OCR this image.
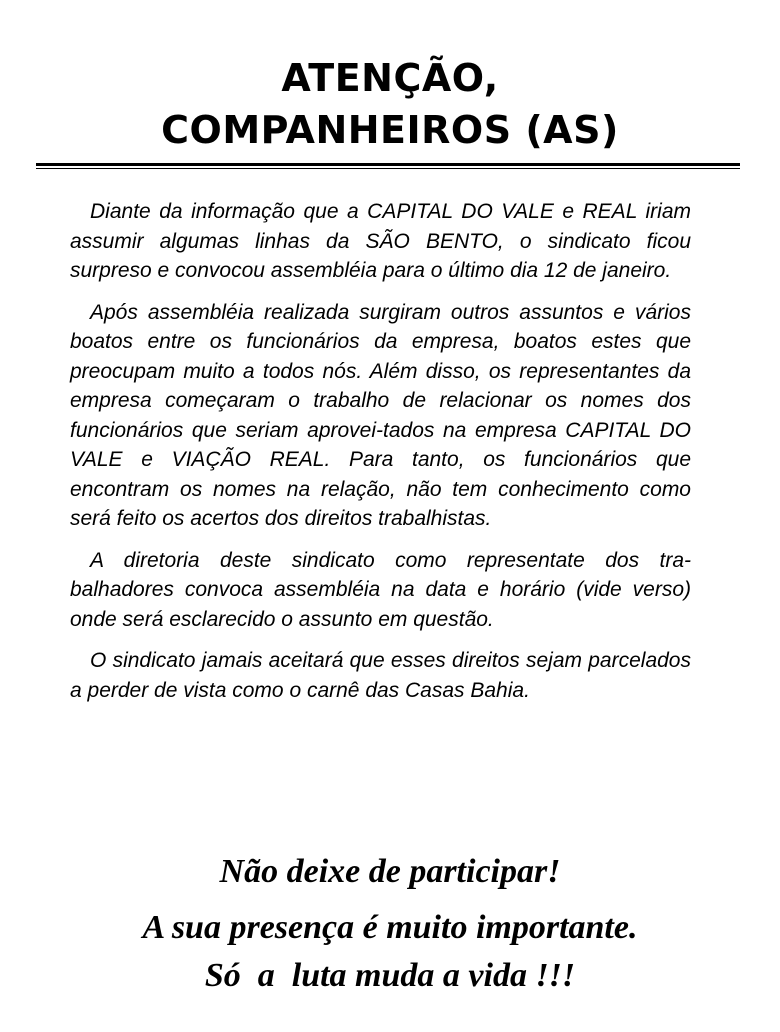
ATENÇÃO,
COMPANHEIROS (AS)

Diante da informação que a CAPITAL DO VALE e REAL iriam assumir algumas linhas da SÃO BENTO, o sindicato ficou surpreso e convocou assembléia para o último dia 12 de janeiro.

Após assembléia realizada surgiram outros assuntos e vários boatos entre os funcionários da empresa, boatos estes que preocupam muito a todos nós. Além disso, os representantes da empresa começaram o trabalho de relacionar os nomes dos funcionários que seriam aprovei-tados na empresa CAPITAL DO VALE e VIAÇÃO REAL. Para tanto, os funcionários que encontram os nomes na relação, não tem conhecimento como será feito os acertos dos direitos trabalhistas.

A diretoria deste sindicato como representate dos tra-balhadores convoca assembléia na data e horário (vide verso) onde será esclarecido o assunto em questão.

O sindicato jamais aceitará que esses direitos sejam parcelados a perder de vista como o carnê das Casas Bahia.

Não deixe de participar!
A sua presença é muito importante.
Só  a  luta muda a vida !!!
